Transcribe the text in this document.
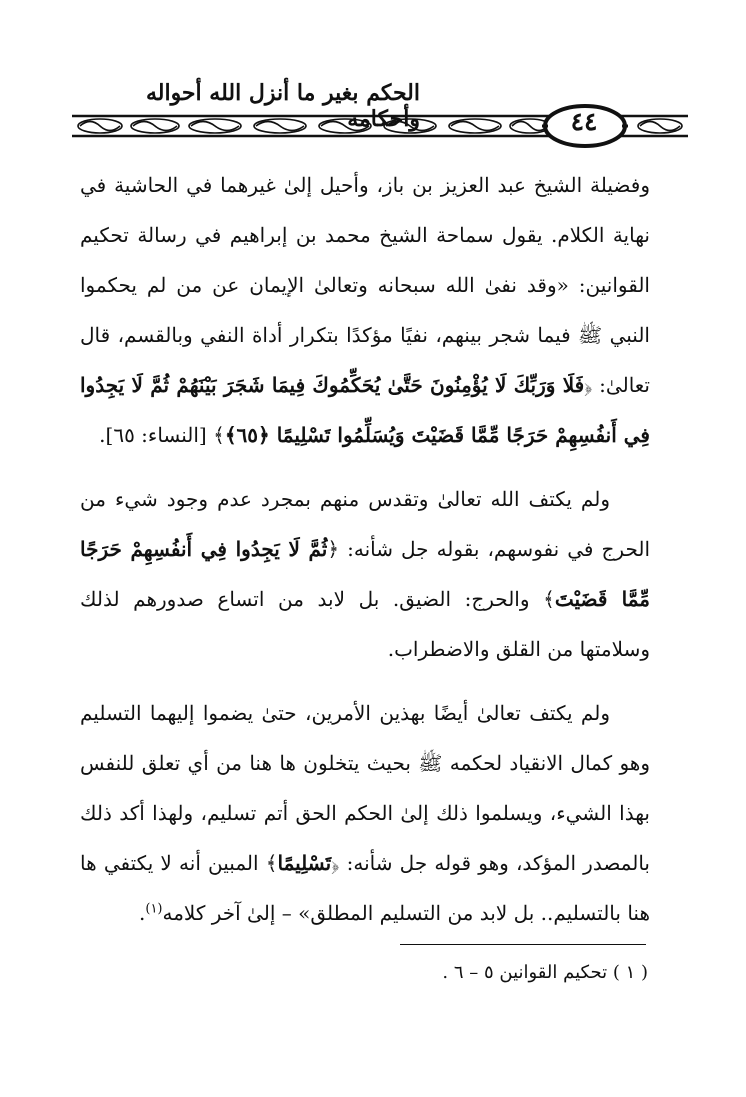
الحكم بغير ما أنزل الله أحواله وأحكامه	٤٤

وفضيلة الشيخ عبد العزيز بن باز، وأحيل إلىٰ غيرهما في الحاشية في نهاية الكلام. يقول سماحة الشيخ محمد بن إبراهيم في رسالة تحكيم القوانين: «وقد نفىٰ الله سبحانه وتعالىٰ الإيمان عن من لم يحكموا النبي ﷺ فيما شجر بينهم، نفيًا مؤكدًا بتكرار أداة النفي وبالقسم، قال تعالىٰ: ﴿فَلَا وَرَبِّكَ لَا يُؤْمِنُونَ حَتَّىٰ يُحَكِّمُوكَ فِيمَا شَجَرَ بَيْنَهُمْ ثُمَّ لَا يَجِدُوا فِي أَنفُسِهِمْ حَرَجًا مِّمَّا قَضَيْتَ وَيُسَلِّمُوا تَسْلِيمًا ﴿٦٥﴾﴾ [النساء: ٦٥].

ولم يكتف الله تعالىٰ وتقدس منهم بمجرد عدم وجود شيء من الحرج في نفوسهم، بقوله جل شأنه: ﴿ثُمَّ لَا يَجِدُوا فِي أَنفُسِهِمْ حَرَجًا مِّمَّا قَضَيْتَ﴾ والحرج: الضيق. بل لابد من اتساع صدورهم لذلك وسلامتها من القلق والاضطراب.

ولم يكتف تعالىٰ أيضًا بهذين الأمرين، حتىٰ يضموا إليهما التسليم وهو كمال الانقياد لحكمه ﷺ بحيث يتخلون ها هنا من أي تعلق للنفس بهذا الشيء، ويسلموا ذلك إلىٰ الحكم الحق أتم تسليم، ولهذا أكد ذلك بالمصدر المؤكد، وهو قوله جل شأنه: ﴿تَسْلِيمًا﴾ المبين أنه لا يكتفي ها هنا بالتسليم.. بل لابد من التسليم المطلق» – إلىٰ آخر كلامه$^{(١)}$.

( ١ ) تحكيم القوانين ٥ – ٦ .
